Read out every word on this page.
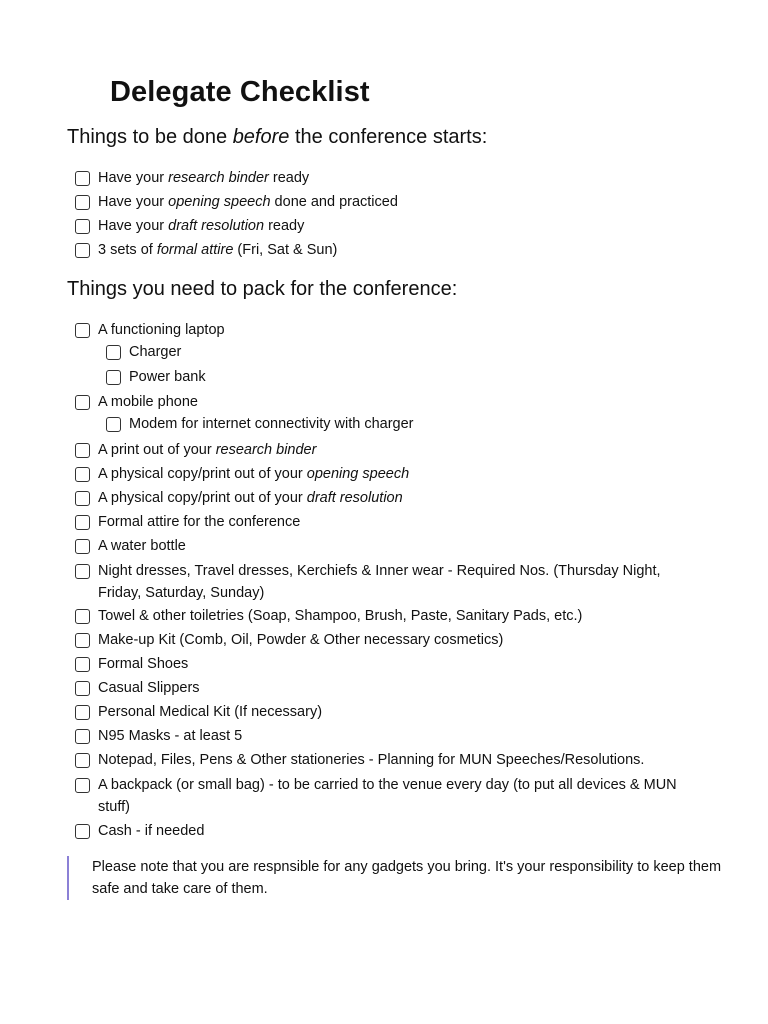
Delegate Checklist
Things to be done before the conference starts:
Have your research binder ready
Have your opening speech done and practiced
Have your draft resolution ready
3 sets of formal attire (Fri, Sat & Sun)
Things you need to pack for the conference:
A functioning laptop
Charger
Power bank
A mobile phone
Modem for internet connectivity with charger
A print out of your research binder
A physical copy/print out of your opening speech
A physical copy/print out of your draft resolution
Formal attire for the conference
A water bottle
Night dresses, Travel dresses, Kerchiefs & Inner wear - Required Nos. (Thursday Night, Friday, Saturday, Sunday)
Towel & other toiletries (Soap, Shampoo, Brush, Paste, Sanitary Pads, etc.)
Make-up Kit (Comb, Oil, Powder & Other necessary cosmetics)
Formal Shoes
Casual Slippers
Personal Medical Kit (If necessary)
N95 Masks - at least 5
Notepad, Files, Pens & Other stationeries - Planning for MUN Speeches/Resolutions.
A backpack (or small bag) - to be carried to the venue every day (to put all devices & MUN stuff)
Cash - if needed
Please note that you are respnsible for any gadgets you bring. It's your responsibility to keep them safe and take care of them.
